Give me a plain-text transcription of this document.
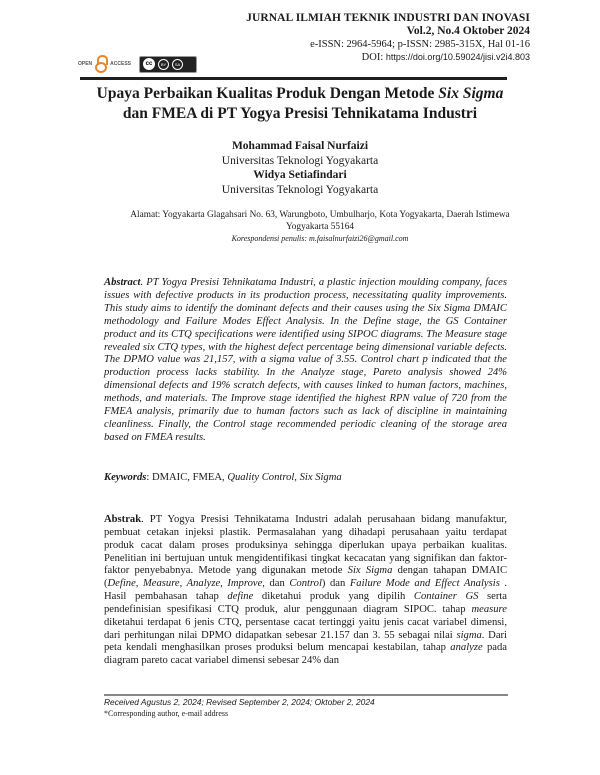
JURNAL ILMIAH TEKNIK INDUSTRI DAN INOVASI
Vol.2, No.4 Oktober 2024
e-ISSN: 2964-5964; p-ISSN: 2985-315X, Hal 01-16
DOI: https://doi.org/10.59024/jisi.v2i4.803
OPEN	ACCESS	cc	BY	SA
Upaya Perbaikan Kualitas Produk Dengan Metode Six Sigma
dan FMEA di PT Yogya Presisi Tehnikatama Industri
Mohammad Faisal Nurfaizi
Universitas Teknologi Yogyakarta
Widya Setiafindari
Universitas Teknologi Yogyakarta
Alamat: Yogyakarta Glagahsari No. 63, Warungboto, Umbulharjo, Kota Yogyakarta, Daerah Istimewa Yogyakarta 55164
Korespondensi penulis: m.faisalnurfaizi26@gmail.com
Abstract. PT Yogya Presisi Tehnikatama Industri, a plastic injection moulding company, faces issues with defective products in its production process, necessitating quality improvements. This study aims to identify the dominant defects and their causes using the Six Sigma DMAIC methodology and Failure Modes Effect Analysis. In the Define stage, the GS Container product and its CTQ specifications were identified using SIPOC diagrams. The Measure stage revealed six CTQ types, with the highest defect percentage being dimensional variable defects. The DPMO value was 21,157, with a sigma value of 3.55. Control chart p indicated that the production process lacks stability. In the Analyze stage, Pareto analysis showed 24% dimensional defects and 19% scratch defects, with causes linked to human factors, machines, methods, and materials. The Improve stage identified the highest RPN value of 720 from the FMEA analysis, primarily due to human factors such as lack of discipline in maintaining cleanliness. Finally, the Control stage recommended periodic cleaning of the storage area based on FMEA results.
Keywords: DMAIC, FMEA, Quality Control, Six Sigma
Abstrak. PT Yogya Presisi Tehnikatama Industri adalah perusahaan bidang manufaktur, pembuat cetakan injeksi plastik. Permasalahan yang dihadapi perusahaan yaitu terdapat produk cacat dalam proses produksinya sehingga diperlukan upaya perbaikan kualitas. Penelitian ini bertujuan untuk mengidentifikasi tingkat kecacatan yang signifikan dan faktor-faktor penyebabnya. Metode yang digunakan metode Six Sigma dengan tahapan DMAIC (Define, Measure, Analyze, Improve, dan Control) dan Failure Mode and Effect Analysis . Hasil pembahasan tahap define diketahui produk yang dipilih Container GS serta pendefinisian spesifikasi CTQ produk, alur penggunaan diagram SIPOC. tahap measure diketahui terdapat 6 jenis CTQ, persentase cacat tertinggi yaitu jenis cacat variabel dimensi, dari perhitungan nilai DPMO didapatkan sebesar 21.157 dan 3. 55 sebagai nilai sigma. Dari peta kendali menghasilkan proses produksi belum mencapai kestabilan, tahap analyze pada diagram pareto cacat variabel dimensi sebesar 24% dan
Received Agustus 2, 2024; Revised September 2, 2024; Oktober 2, 2024
*Corresponding author, e-mail address
